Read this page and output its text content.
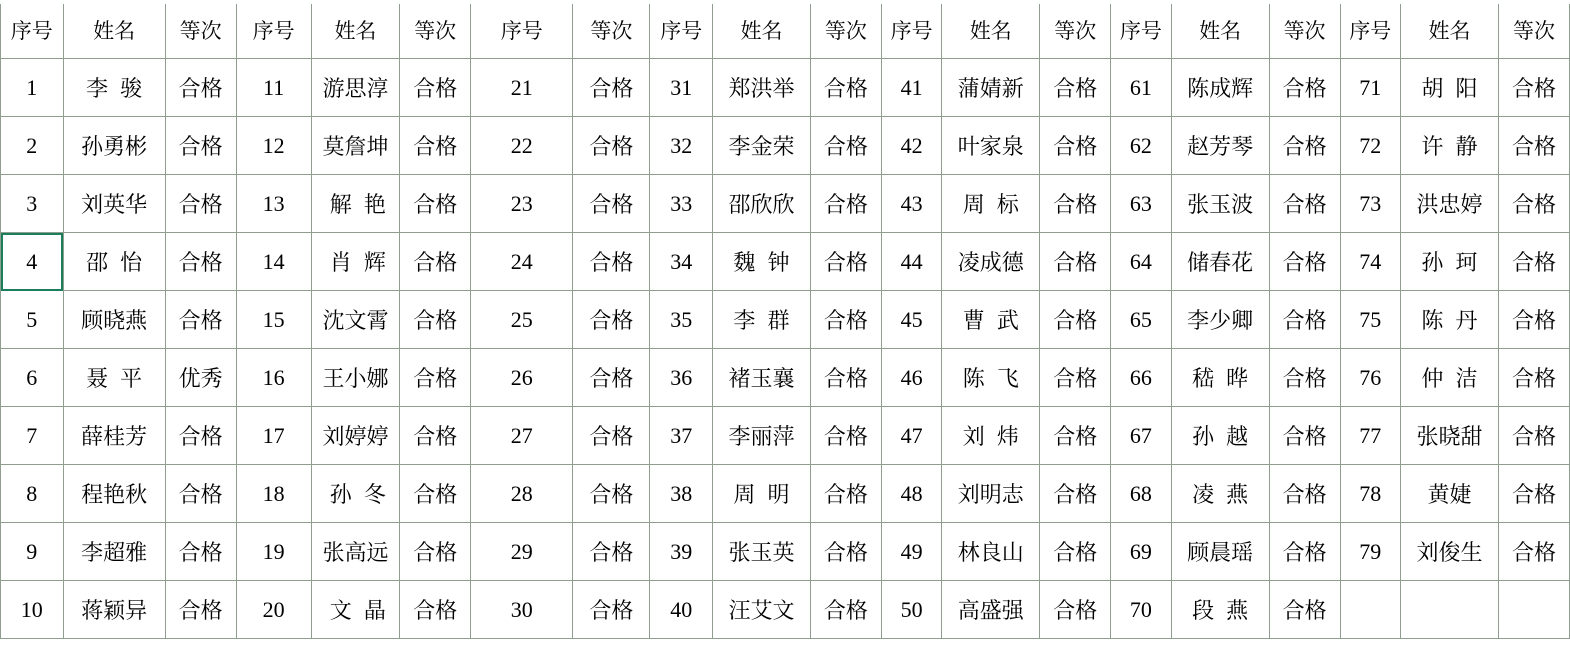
序号	姓名	等次	序号	姓名	等次	序号	等次	序号	姓名	等次	序号	姓名	等次	序号	姓名	等次	序号	姓名	等次
1	李骏	合格	11	游思淳	合格	21	合格	31	郑洪举	合格	41	蒲婧新	合格	61	陈成辉	合格	71	胡阳	合格
2	孙勇彬	合格	12	莫詹坤	合格	22	合格	32	李金荣	合格	42	叶家泉	合格	62	赵芳琴	合格	72	许静	合格
3	刘英华	合格	13	解艳	合格	23	合格	33	邵欣欣	合格	43	周标	合格	63	张玉波	合格	73	洪忠婷	合格
4	邵怡	合格	14	肖辉	合格	24	合格	34	魏钟	合格	44	凌成德	合格	64	储春花	合格	74	孙珂	合格
5	顾晓燕	合格	15	沈文霄	合格	25	合格	35	李群	合格	45	曹武	合格	65	李少卿	合格	75	陈丹	合格
6	聂平	优秀	16	王小娜	合格	26	合格	36	褚玉襄	合格	46	陈飞	合格	66	嵇晔	合格	76	仲洁	合格
7	薛桂芳	合格	17	刘婷婷	合格	27	合格	37	李丽萍	合格	47	刘炜	合格	67	孙越	合格	77	张晓甜	合格
8	程艳秋	合格	18	孙冬	合格	28	合格	38	周明	合格	48	刘明志	合格	68	凌燕	合格	78	黄婕	合格
9	李超雅	合格	19	张高远	合格	29	合格	39	张玉英	合格	49	林良山	合格	69	顾晨瑶	合格	79	刘俊生	合格
10	蒋颖异	合格	20	文晶	合格	30	合格	40	汪艾文	合格	50	高盛强	合格	70	段燕	合格			
